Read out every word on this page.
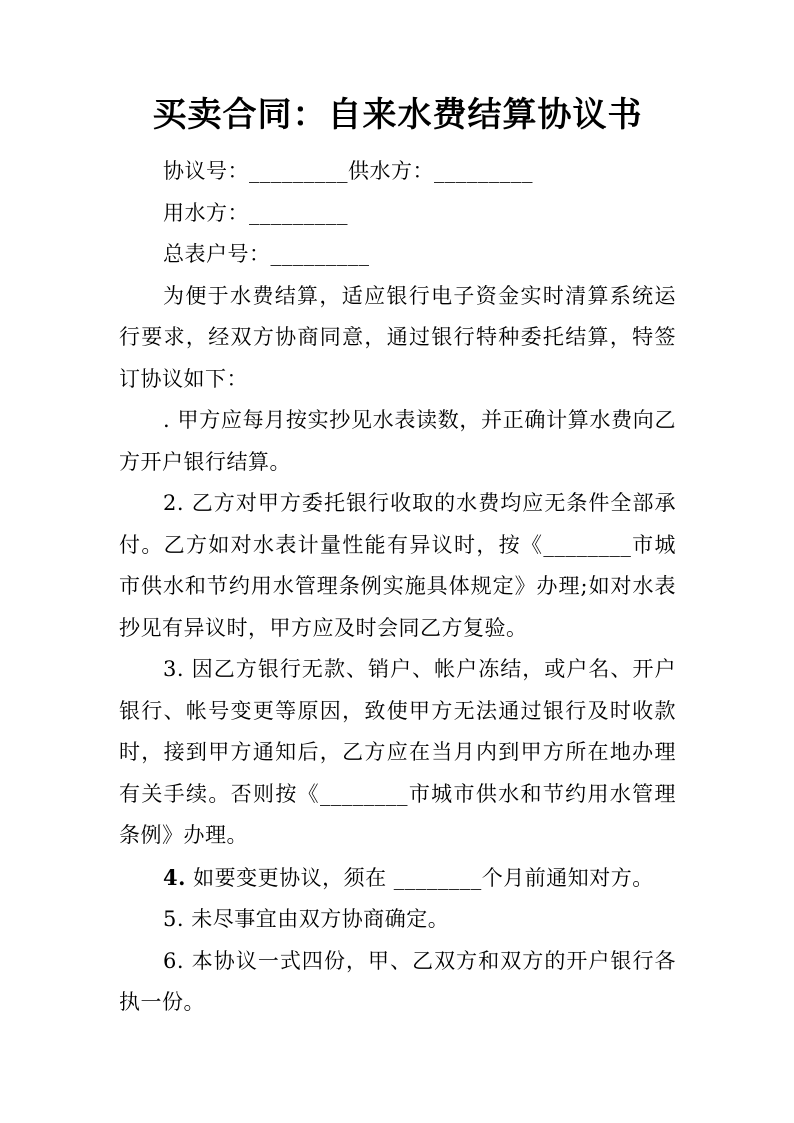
买卖合同：自来水费结算协议书

协议号：_________供水方：_________

用水方：_________

总表户号：_________

为便于水费结算，适应银行电子资金实时清算系统运行要求，经双方协商同意，通过银行特种委托结算，特签订协议如下：

. 甲方应每月按实抄见水表读数，并正确计算水费向乙方开户银行结算。

2. 乙方对甲方委托银行收取的水费均应无条件全部承付。乙方如对水表计量性能有异议时，按《________市城市供水和节约用水管理条例实施具体规定》办理;如对水表抄见有异议时，甲方应及时会同乙方复验。

3. 因乙方银行无款、销户、帐户冻结，或户名、开户银行、帐号变更等原因，致使甲方无法通过银行及时收款时，接到甲方通知后，乙方应在当月内到甲方所在地办理有关手续。否则按《________市城市供水和节约用水管理条例》办理。

4. 如要变更协议，须在 ________个月前通知对方。

5. 未尽事宜由双方协商确定。

6. 本协议一式四份，甲、乙双方和双方的开户银行各执一份。
